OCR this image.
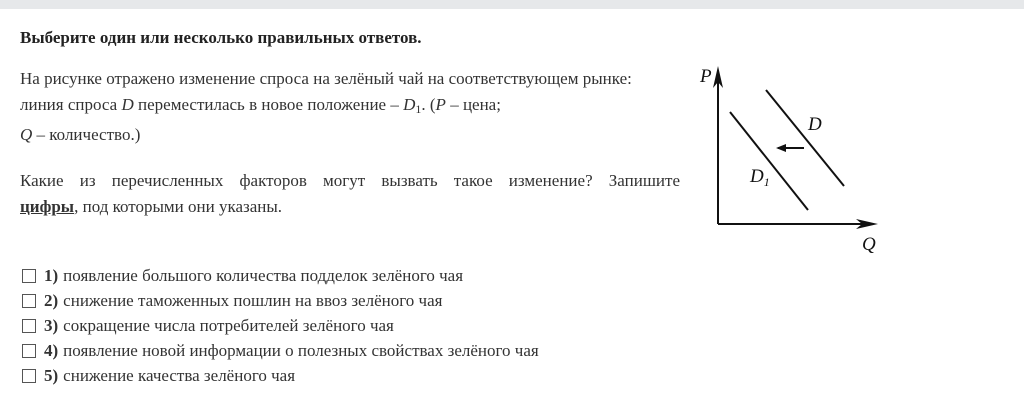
Выберите один или несколько правильных ответов.
На рисунке отражено изменение спроса на зелёный чай на соответствующем рынке:
линия спроса D переместилась в новое положение – $D_1$. (P – цена;
Q – количество.)
Какие из перечисленных факторов могут вызвать такое изменение? Запишите
цифры, под которыми они указаны.
P
Q
D
$D_1$
1) появление большого количества подделок зелёного чая
2) снижение таможенных пошлин на ввоз зелёного чая
3) сокращение числа потребителей зелёного чая
4) появление новой информации о полезных свойствах зелёного чая
5) снижение качества зелёного чая
